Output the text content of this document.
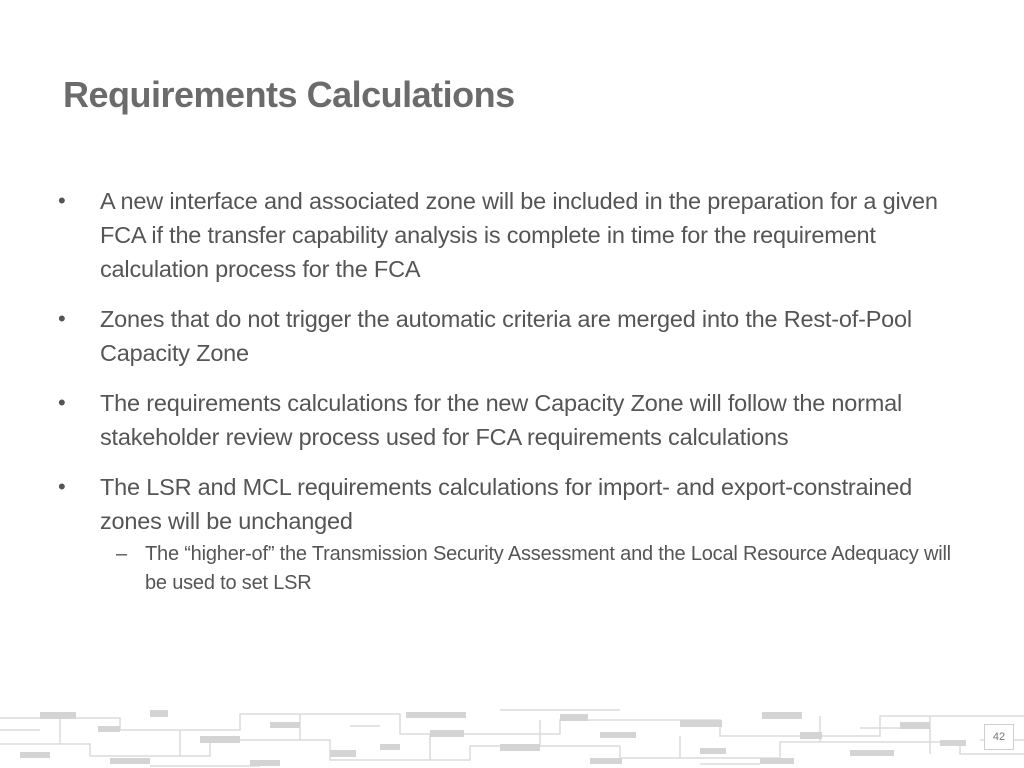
Requirements Calculations
•	A new interface and associated zone will be included in the preparation for a given FCA if the transfer capability analysis is complete in time for the requirement calculation process for the FCA
•	Zones that do not trigger the automatic criteria are merged into the Rest-of-Pool Capacity Zone
•	The requirements calculations for the new Capacity Zone will follow the normal stakeholder review process used for FCA requirements calculations
•	The LSR and MCL requirements calculations for import- and export-constrained zones will be unchanged
– The “higher-of” the Transmission Security Assessment and the Local Resource Adequacy will be used to set LSR
42
